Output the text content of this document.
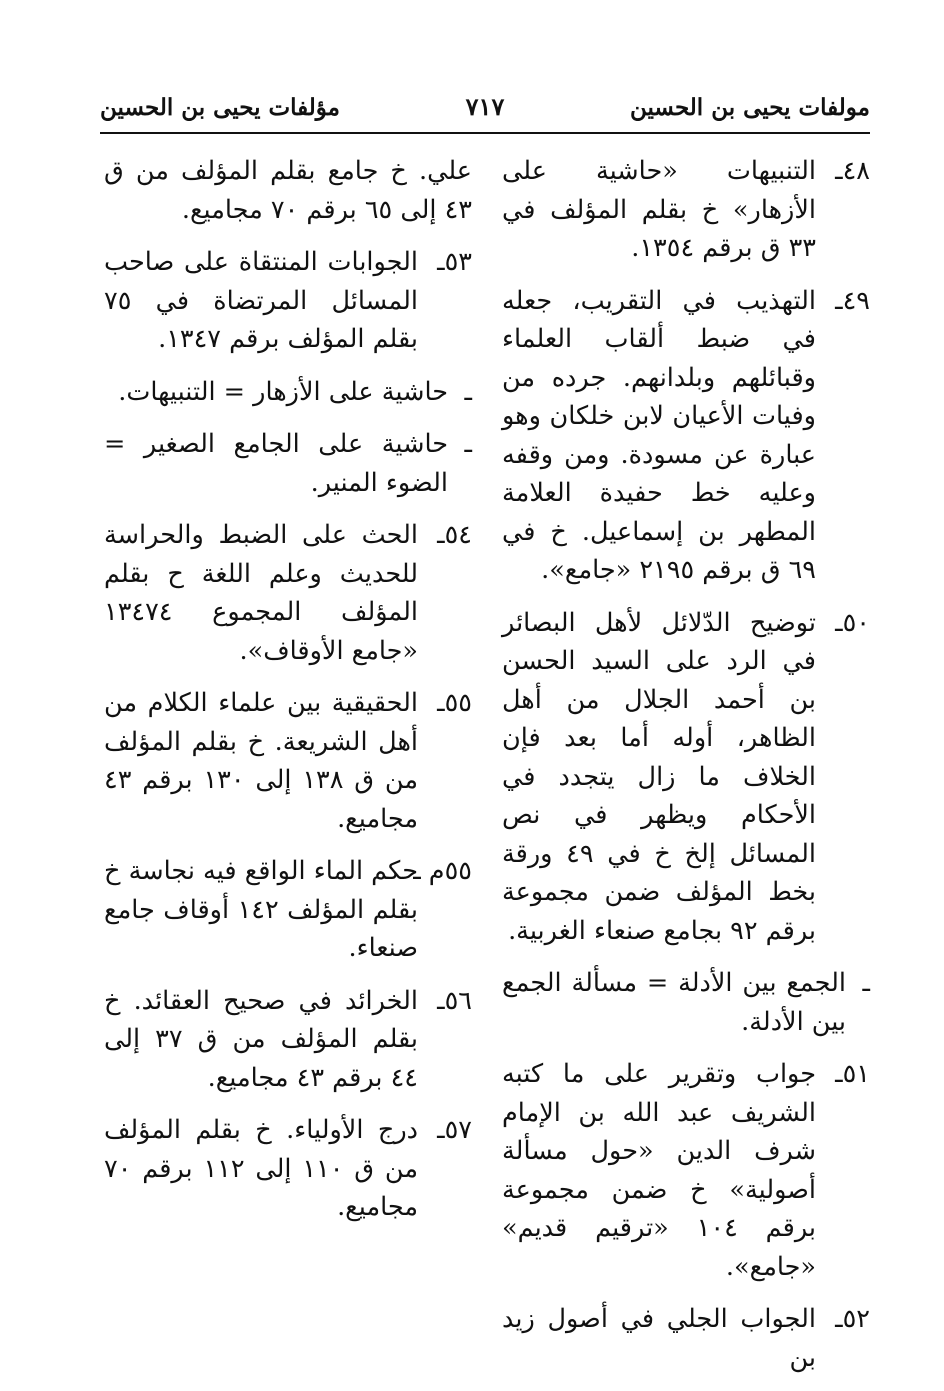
مولفات يحيى بن الحسين
٧١٧
مؤلفات يحيى بن الحسين
٤٨ـ
التنبيهات «حاشية على الأزهار» خ بقلم المؤلف في ٣٣ ق برقم ١٣٥٤.
٤٩ـ
التهذيب في التقريب، جعله في ضبط ألقاب العلماء وقبائلهم وبلدانهم. جرده من وفيات الأعيان لابن خلكان وهو عبارة عن مسودة. ومن وقفه وعليه خط حفيدة العلامة المطهر بن إسماعيل. خ في ٦٩ ق برقم ٢١٩٥ «جامع».
٥٠ـ
توضيح الدّلائل لأهل البصائر في الرد على السيد الحسن بن أحمد الجلال من أهل الظاهر، أوله أما بعد فإن الخلاف ما زال يتجدد في الأحكام ويظهر في نص المسائل إلخ خ في ٤٩ ورقة بخط المؤلف ضمن مجموعة برقم ٩٢ بجامع صنعاء الغربية.
ـ
الجمع بين الأدلة = مسألة الجمع بين الأدلة.
٥١ـ
جواب وتقرير على ما كتبه الشريف عبد الله بن الإمام شرف الدين «حول مسألة أصولية» خ ضمن مجموعة برقم ١٠٤ «ترقيم قديم» «جامع».
٥٢ـ
الجواب الجلي في أصول زيد بن
علي. خ جامع بقلم المؤلف من ق ٤٣ إلى ٦٥ برقم ٧٠ مجاميع.
٥٣ـ
الجوابات المنتقاة على صاحب المسائل المرتضاة في ٧٥ بقلم المؤلف برقم ١٣٤٧.
ـ
حاشية على الأزهار = التنبيهات.
ـ
حاشية على الجامع الصغير = الضوء المنير.
٥٤ـ
الحث على الضبط والحراسة للحديث وعلم اللغة ح بقلم المؤلف المجموع ١٣٤٧٤ «جامع الأوقاف».
٥٥ـ
الحقيقية بين علماء الكلام من أهل الشريعة. خ بقلم المؤلف من ق ١٣٨ إلى ١٣٠ برقم ٤٣ مجاميع.
٥٥م ـ
حكم الماء الواقع فيه نجاسة خ بقلم المؤلف ١٤٢ أوقاف جامع صنعاء.
٥٦ـ
الخرائد في صحيح العقائد. خ بقلم المؤلف من ق ٣٧ إلى ٤٤ برقم ٤٣ مجاميع.
٥٧ـ
درج الأولياء. خ بقلم المؤلف من ق ١١٠ إلى ١١٢ برقم ٧٠ مجاميع.
